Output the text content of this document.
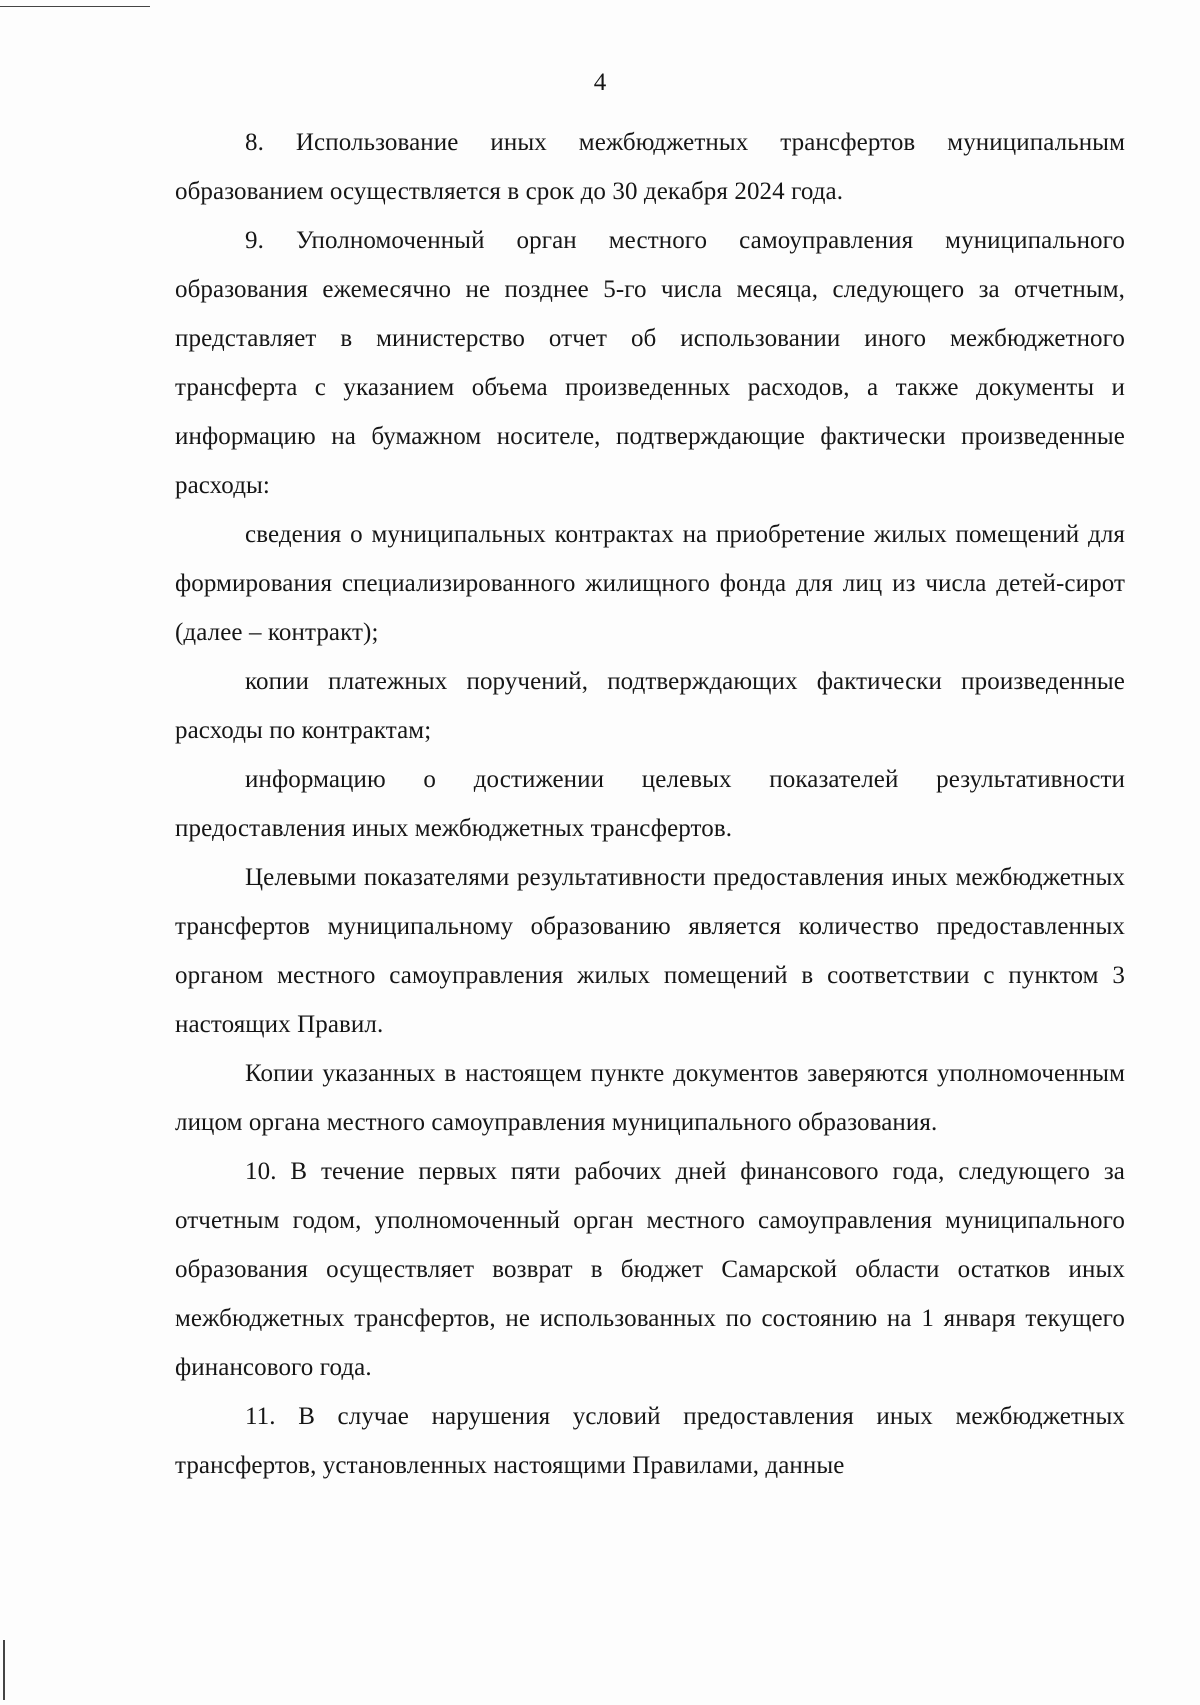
4

8. Использование иных межбюджетных трансфертов муниципальным образованием осуществляется в срок до 30 декабря 2024 года.

9. Уполномоченный орган местного самоуправления муниципального образования ежемесячно не позднее 5-го числа месяца, следующего за отчетным, представляет в министерство отчет об использовании иного межбюджетного трансферта с указанием объема произведенных расходов, а также документы и информацию на бумажном носителе, подтверждающие фактически произведенные расходы:

сведения о муниципальных контрактах на приобретение жилых помещений для формирования специализированного жилищного фонда для лиц из числа детей-сирот (далее – контракт);

копии платежных поручений, подтверждающих фактически произведенные расходы по контрактам;

информацию о достижении целевых показателей результативности предоставления иных межбюджетных трансфертов.

Целевыми показателями результативности предоставления иных межбюджетных трансфертов муниципальному образованию является количество предоставленных органом местного самоуправления жилых помещений в соответствии с пунктом 3 настоящих Правил.

Копии указанных в настоящем пункте документов заверяются уполномоченным лицом органа местного самоуправления муниципального образования.

10. В течение первых пяти рабочих дней финансового года, следующего за отчетным годом, уполномоченный орган местного самоуправления муниципального образования осуществляет возврат в бюджет Самарской области остатков иных межбюджетных трансфертов, не использованных по состоянию на 1 января текущего финансового года.

11. В случае нарушения условий предоставления иных межбюджетных трансфертов, установленных настоящими Правилами, данные
